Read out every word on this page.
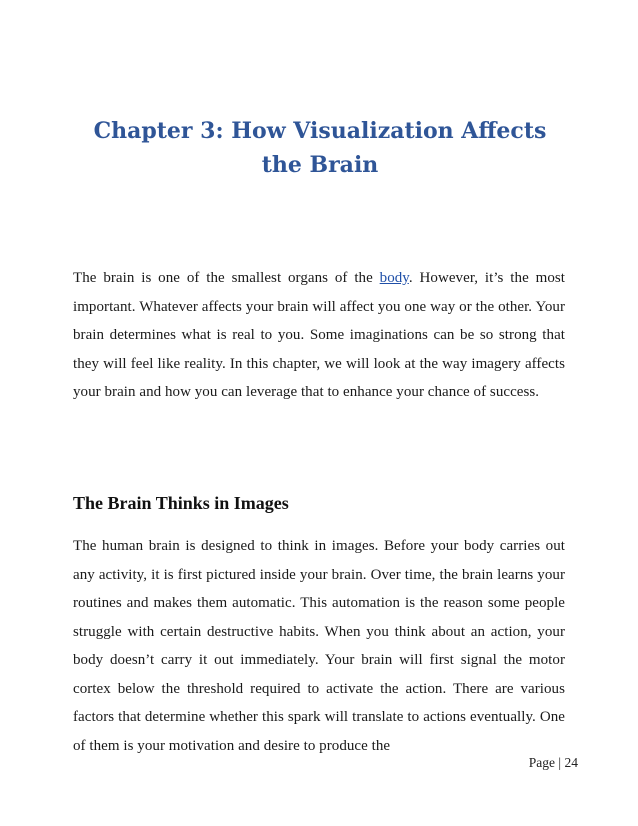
Chapter 3: How Visualization Affects
the Brain

The brain is one of the smallest organs of the body. However, it’s the most important. Whatever affects your brain will affect you one way or the other. Your brain determines what is real to you. Some imaginations can be so strong that they will feel like reality. In this chapter, we will look at the way imagery affects your brain and how you can leverage that to enhance your chance of success.

The Brain Thinks in Images

The human brain is designed to think in images. Before your body carries out any activity, it is first pictured inside your brain. Over time, the brain learns your routines and makes them automatic. This automation is the reason some people struggle with certain destructive habits. When you think about an action, your body doesn’t carry it out immediately. Your brain will first signal the motor cortex below the threshold required to activate the action. There are various factors that determine whether this spark will translate to actions eventually. One of them is your motivation and desire to produce the

Page | 24
